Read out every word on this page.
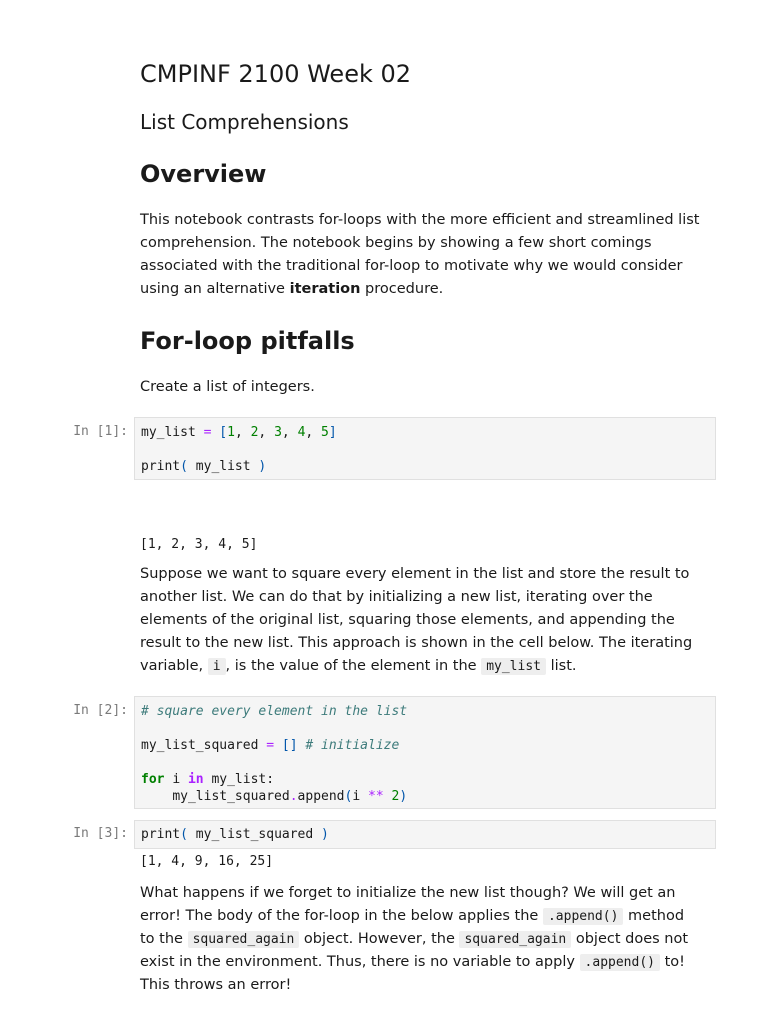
CMPINF 2100 Week 02
List Comprehensions
Overview

This notebook contrasts for-loops with the more efficient and streamlined list comprehension. The notebook begins by showing a few short comings associated with the traditional for-loop to motivate why we would consider using an alternative iteration procedure.

For-loop pitfalls

Create a list of integers.

In [1]:	my_list = [1, 2, 3, 4, 5]

print( my_list )
[1, 2, 3, 4, 5]

Suppose we want to square every element in the list and store the result to another list. We can do that by initializing a new list, iterating over the elements of the original list, squaring those elements, and appending the result to the new list. This approach is shown in the cell below. The iterating variable, i , is the value of the element in the my_list list.

In [2]:	# square every element in the list

my_list_squared = [] # initialize

for i in my_list:
my_list_squared.append(i ** 2)
In [3]:	print( my_list_squared )
[1, 4, 9, 16, 25]

What happens if we forget to initialize the new list though? We will get an error! The body of the for-loop in the below applies the .append() method to the squared_again object. However, the squared_again object does not exist in the environment. Thus, there is no variable to apply .append() to! This throws an error!
